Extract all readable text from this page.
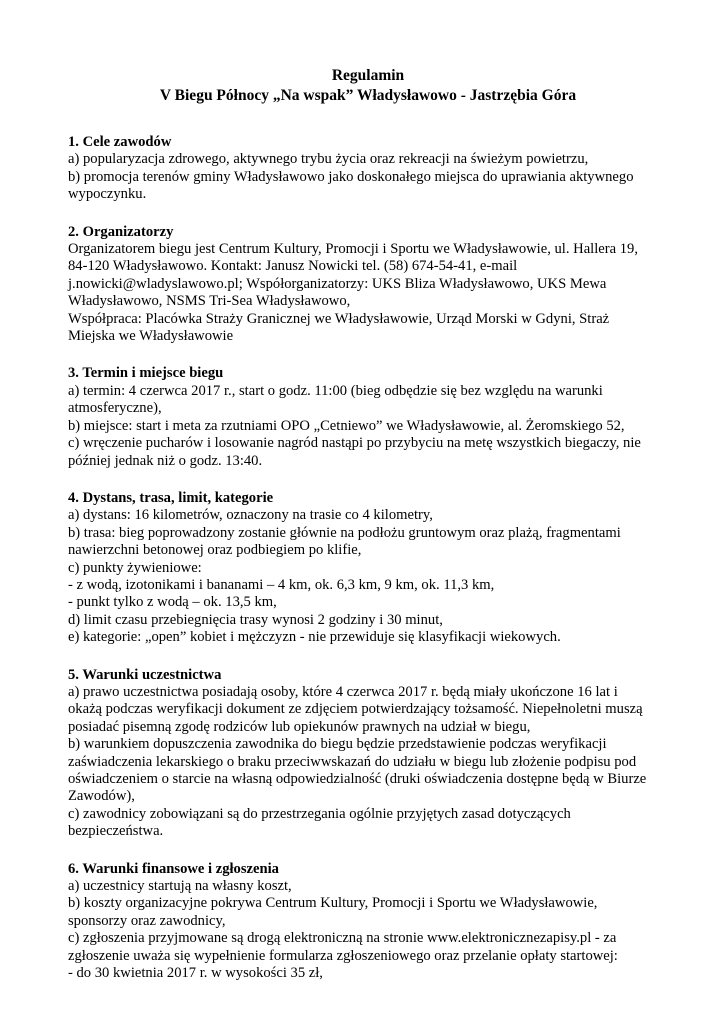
Regulamin
V Biegu Północy „Na wspak” Władysławowo - Jastrzębia Góra
1. Cele zawodów
a) popularyzacja zdrowego, aktywnego trybu życia oraz rekreacji na świeżym powietrzu,
b) promocja terenów gminy Władysławowo jako doskonałego miejsca do uprawiania aktywnego
wypoczynku.
2. Organizatorzy
Organizatorem biegu jest Centrum Kultury, Promocji i Sportu we Władysławowie, ul. Hallera 19,
84-120 Władysławowo. Kontakt: Janusz Nowicki tel. (58) 674-54-41, e-mail
j.nowicki@wladyslawowo.pl; Współorganizatorzy: UKS Bliza Władysławowo, UKS Mewa
Władysławowo, NSMS Tri-Sea Władysławowo,
Współpraca: Placówka Straży Granicznej we Władysławowie, Urząd Morski w Gdyni, Straż
Miejska we Władysławowie
3. Termin i miejsce biegu
a) termin: 4 czerwca 2017 r., start o godz. 11:00 (bieg odbędzie się bez względu na warunki
atmosferyczne),
b) miejsce: start i meta za rzutniami OPO „Cetniewo” we Władysławowie, al. Żeromskiego 52,
c) wręczenie pucharów i losowanie nagród nastąpi po przybyciu na metę wszystkich biegaczy, nie
później jednak niż o godz. 13:40.
4. Dystans, trasa, limit, kategorie
a) dystans: 16 kilometrów, oznaczony na trasie co 4 kilometry,
b) trasa: bieg poprowadzony zostanie głównie na podłożu gruntowym oraz plażą, fragmentami
nawierzchni betonowej oraz podbiegiem po klifie,
c) punkty żywieniowe:
- z wodą, izotonikami i bananami – 4 km, ok. 6,3 km, 9 km, ok. 11,3 km,
- punkt tylko z wodą – ok. 13,5 km,
d) limit czasu przebiegnięcia trasy wynosi 2 godziny i 30 minut,
e) kategorie: „open” kobiet i mężczyzn - nie przewiduje się klasyfikacji wiekowych.
5. Warunki uczestnictwa
a) prawo uczestnictwa posiadają osoby, które 4 czerwca 2017 r. będą miały ukończone 16 lat i
okażą podczas weryfikacji dokument ze zdjęciem potwierdzający tożsamość. Niepełnoletni muszą
posiadać pisemną zgodę rodziców lub opiekunów prawnych na udział w biegu,
b) warunkiem dopuszczenia zawodnika do biegu będzie przedstawienie podczas weryfikacji
zaświadczenia lekarskiego o braku przeciwwskazań do udziału w biegu lub złożenie podpisu pod
oświadczeniem o starcie na własną odpowiedzialność (druki oświadczenia dostępne będą w Biurze
Zawodów),
c) zawodnicy zobowiązani są do przestrzegania ogólnie przyjętych zasad dotyczących
bezpieczeństwa.
6. Warunki finansowe i zgłoszenia
a) uczestnicy startują na własny koszt,
b) koszty organizacyjne pokrywa Centrum Kultury, Promocji i Sportu we Władysławowie,
sponsorzy oraz zawodnicy,
c) zgłoszenia przyjmowane są drogą elektroniczną na stronie www.elektronicznezapisy.pl - za
zgłoszenie uważa się wypełnienie formularza zgłoszeniowego oraz przelanie opłaty startowej:
- do 30 kwietnia 2017 r. w wysokości 35 zł,
